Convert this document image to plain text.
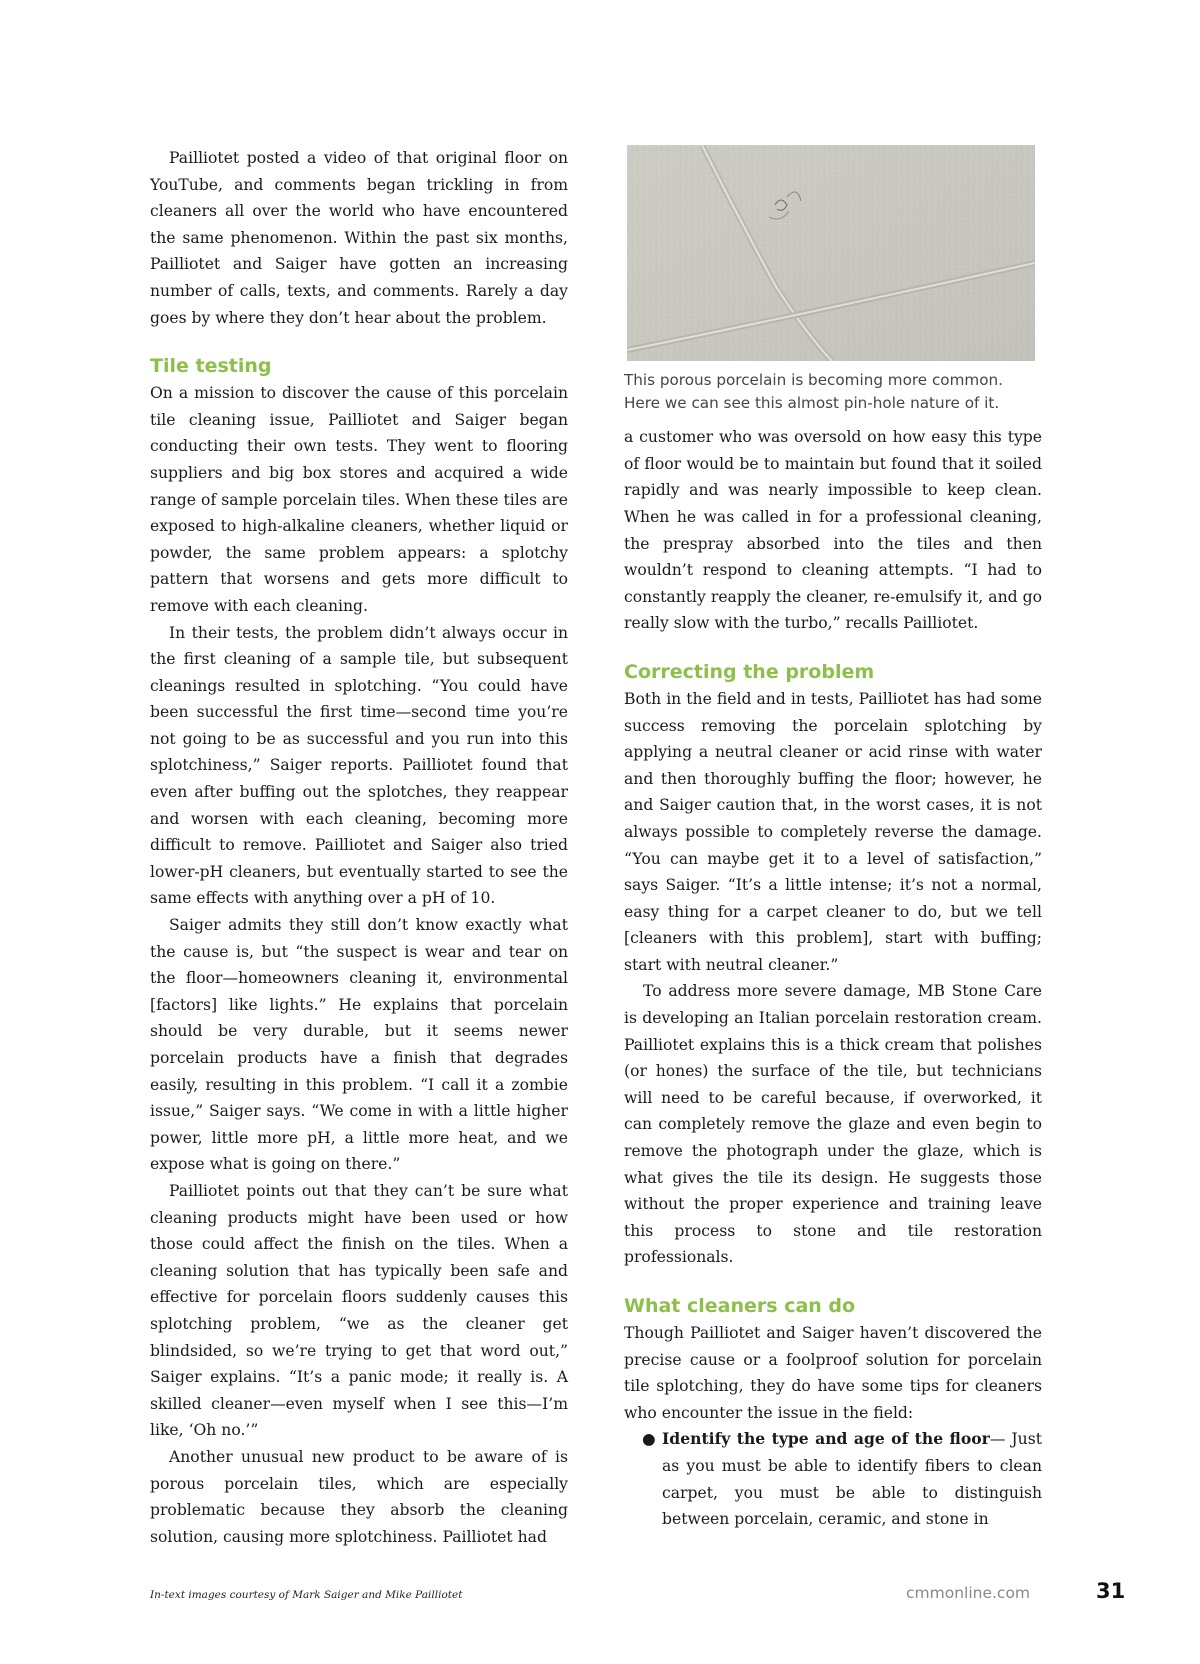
Pailliotet posted a video of that original floor on YouTube, and comments began trickling in from cleaners all over the world who have encountered the same phenomenon. Within the past six months, Pailliotet and Saiger have gotten an increasing number of calls, texts, and comments. Rarely a day goes by where they don’t hear about the problem.

Tile testing

On a mission to discover the cause of this porcelain tile cleaning issue, Pailliotet and Saiger began conducting their own tests. They went to flooring suppliers and big box stores and acquired a wide range of sample porcelain tiles. When these tiles are exposed to high-alkaline cleaners, whether liquid or powder, the same problem appears: a splotchy pattern that worsens and gets more difficult to remove with each cleaning.

In their tests, the problem didn’t always occur in the first cleaning of a sample tile, but subsequent cleanings resulted in splotching. “You could have been successful the first time—second time you’re not going to be as successful and you run into this splotchiness,” Saiger reports. Pailliotet found that even after buffing out the splotches, they reappear and worsen with each cleaning, becoming more difficult to remove. Pailliotet and Saiger also tried lower-pH cleaners, but eventually started to see the same effects with anything over a pH of 10.

Saiger admits they still don’t know exactly what the cause is, but “the suspect is wear and tear on the floor—homeowners cleaning it, environmental [factors] like lights.” He explains that porcelain should be very durable, but it seems newer porcelain products have a finish that degrades easily, resulting in this problem. “I call it a zombie issue,” Saiger says. “We come in with a little higher power, little more pH, a little more heat, and we expose what is going on there.”

Pailliotet points out that they can’t be sure what cleaning products might have been used or how those could affect the finish on the tiles. When a cleaning solution that has typically been safe and effective for porcelain floors suddenly causes this splotching problem, “we as the cleaner get blindsided, so we’re trying to get that word out,” Saiger explains. “It’s a panic mode; it really is. A skilled cleaner—even myself when I see this—I’m like, ‘Oh no.’”

Another unusual new product to be aware of is porous porcelain tiles, which are especially problematic because they absorb the cleaning solution, causing more splotchiness. Pailliotet had

This porous porcelain is becoming more common. Here we can see this almost pin-hole nature of it.

a customer who was oversold on how easy this type of floor would be to maintain but found that it soiled rapidly and was nearly impossible to keep clean. When he was called in for a professional cleaning, the prespray absorbed into the tiles and then wouldn’t respond to cleaning attempts. “I had to constantly reapply the cleaner, re-emulsify it, and go really slow with the turbo,” recalls Pailliotet.

Correcting the problem

Both in the field and in tests, Pailliotet has had some success removing the porcelain splotching by applying a neutral cleaner or acid rinse with water and then thoroughly buffing the floor; however, he and Saiger caution that, in the worst cases, it is not always possible to completely reverse the damage. “You can maybe get it to a level of satisfaction,” says Saiger. “It’s a little intense; it’s not a normal, easy thing for a carpet cleaner to do, but we tell [cleaners with this problem], start with buffing; start with neutral cleaner.”

To address more severe damage, MB Stone Care is developing an Italian porcelain restoration cream. Pailliotet explains this is a thick cream that polishes (or hones) the surface of the tile, but technicians will need to be careful because, if overworked, it can completely remove the glaze and even begin to remove the photograph under the glaze, which is what gives the tile its design. He suggests those without the proper experience and training leave this process to stone and tile restoration professionals.

What cleaners can do

Though Pailliotet and Saiger haven’t discovered the precise cause or a foolproof solution for porcelain tile splotching, they do have some tips for cleaners who encounter the issue in the field:

● Identify the type and age of the floor— Just as you must be able to identify fibers to clean carpet, you must be able to distinguish between porcelain, ceramic, and stone in
In-text images courtesy of Mark Saiger and Mike Pailliotet	cmmonline.com	31
